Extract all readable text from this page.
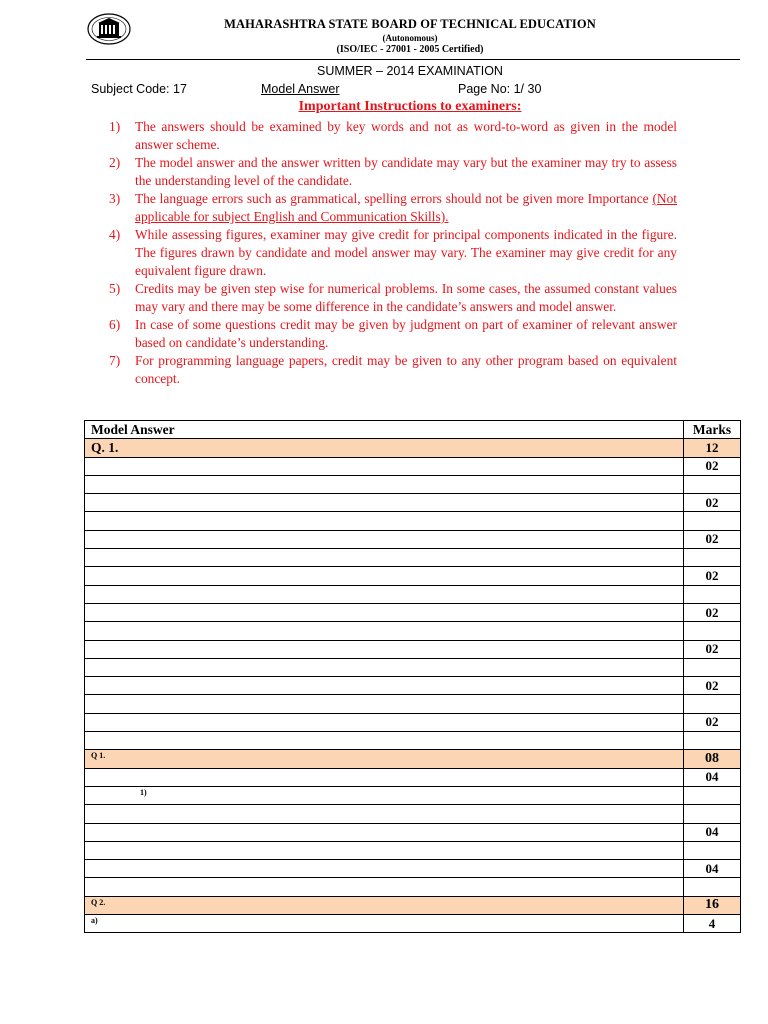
MAHARASHTRA STATE BOARD OF TECHNICAL EDUCATION
(Autonomous)
(ISO/IEC - 27001 - 2005 Certified)
SUMMER – 2014 EXAMINATION
Subject Code: 17	Model Answer	Page No: 1/ 30
Important Instructions to examiners:
1) The answers should be examined by key words and not as word-to-word as given in the model answer scheme.
2) The model answer and the answer written by candidate may vary but the examiner may try to assess the understanding level of the candidate.
3) The language errors such as grammatical, spelling errors should not be given more Importance (Not applicable for subject English and Communication Skills).
4) While assessing figures, examiner may give credit for principal components indicated in the figure. The figures drawn by candidate and model answer may vary. The examiner may give credit for any equivalent figure drawn.
5) Credits may be given step wise for numerical problems. In some cases, the assumed constant values may vary and there may be some difference in the candidate’s answers and model answer.
6) In case of some questions credit may be given by judgment on part of examiner of relevant answer based on candidate’s understanding.
7) For programming language papers, credit may be given to any other program based on equivalent concept.
Model Answer	Marks
Q. 1.	12
	02

	02

	02

	02

	02

	02

	02

	02

Q 1.	08
	04
1)	

	04

	04

Q 2.	16
a)	4
